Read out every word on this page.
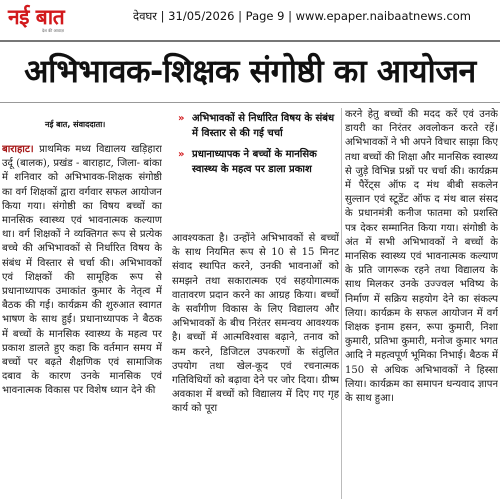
नई बात
देश की आवाज़
देवघर | 31/05/2026 | Page 9 | www.epaper.naibaatnews.com
अभिभावक-शिक्षक संगोष्ठी का आयोजन
नई बात, संवाददाता।
बाराहाट। प्राथमिक मध्य विद्यालय खड़िहारा उर्दू (बालक), प्रखंड - बाराहाट, जिला- बांका में शनिवार को अभिभावक-शिक्षक संगोष्ठी का वर्ग शिक्षकों द्वारा वर्गवार सफल आयोजन किया गया। संगोष्ठी का विषय बच्चों का मानसिक स्वास्थ्य एवं भावनात्मक कल्याण था। वर्ग शिक्षकों ने व्यक्तिगत रूप से प्रत्येक बच्चे की अभिभावकों से निर्धारित विषय के संबंध में विस्तार से चर्चा की। अभिभावकों एवं शिक्षकों की सामूहिक रूप से प्रधानाध्यापक उमाकांत कुमार के नेतृत्व में बैठक की गई। कार्यक्रम की शुरुआत स्वागत भाषण के साथ हुई। प्रधानाध्यापक ने बैठक में बच्चों के मानसिक स्वास्थ्य के महत्व पर प्रकाश डालते हुए कहा कि वर्तमान समय में बच्चों पर बढ़ते शैक्षणिक एवं सामाजिक दबाव के कारण उनके मानसिक एवं भावनात्मक विकास पर विशेष ध्यान देने की
» अभिभावकों से निर्धारित विषय के संबंध में विस्तार से की गई चर्चा
» प्रधानाध्यापक ने बच्चों के मानसिक स्वास्थ्य के महत्व पर डाला प्रकाश
आवश्यकता है। उन्होंने अभिभावकों से बच्चों के साथ नियमित रूप से 10 से 15 मिनट संवाद स्थापित करने, उनकी भावनाओं को समझने तथा सकारात्मक एवं सहयोगात्मक वातावरण प्रदान करने का आग्रह किया। बच्चों के सर्वांगीण विकास के लिए विद्यालय और अभिभावकों के बीच निरंतर समन्वय आवश्यक है। बच्चों में आत्मविश्वास बढ़ाने, तनाव को कम करने, डिजिटल उपकरणों के संतुलित उपयोग तथा खेल-कूद एवं रचनात्मक गतिविधियों को बढ़ावा देने पर जोर दिया। ग्रीष्म अवकाश में बच्चों को विद्यालय में दिए गए गृह कार्य को पूरा
करने हेतु बच्चों की मदद करें एवं उनके डायरी का निरंतर अवलोकन करते रहें। अभिभावकों ने भी अपने विचार साझा किए तथा बच्चों की शिक्षा और मानसिक स्वास्थ्य से जुड़े विभिन्न प्रश्नों पर चर्चा की। कार्यक्रम में पैरेंट्स ऑफ द मंथ बीबी सकलेन सुल्तान एवं स्टूडेंट ऑफ द मंथ बाल संसद के प्रधानमंत्री कनीज फातमा को प्रशस्ति पत्र देकर सम्मानित किया गया। संगोष्ठी के अंत में सभी अभिभावकों ने बच्चों के मानसिक स्वास्थ्य एवं भावनात्मक कल्याण के प्रति जागरूक रहने तथा विद्यालय के साथ मिलकर उनके उज्ज्वल भविष्य के निर्माण में सक्रिय सहयोग देने का संकल्प लिया। कार्यक्रम के सफल आयोजन में वर्ग शिक्षक इनाम हसन, रूपा कुमारी, निशा कुमारी, प्रतिभा कुमारी, मनोज कुमार भगत आदि ने महत्वपूर्ण भूमिका निभाई। बैठक में 150 से अधिक अभिभावकों ने हिस्सा लिया। कार्यक्रम का समापन धन्यवाद ज्ञापन के साथ हुआ।
